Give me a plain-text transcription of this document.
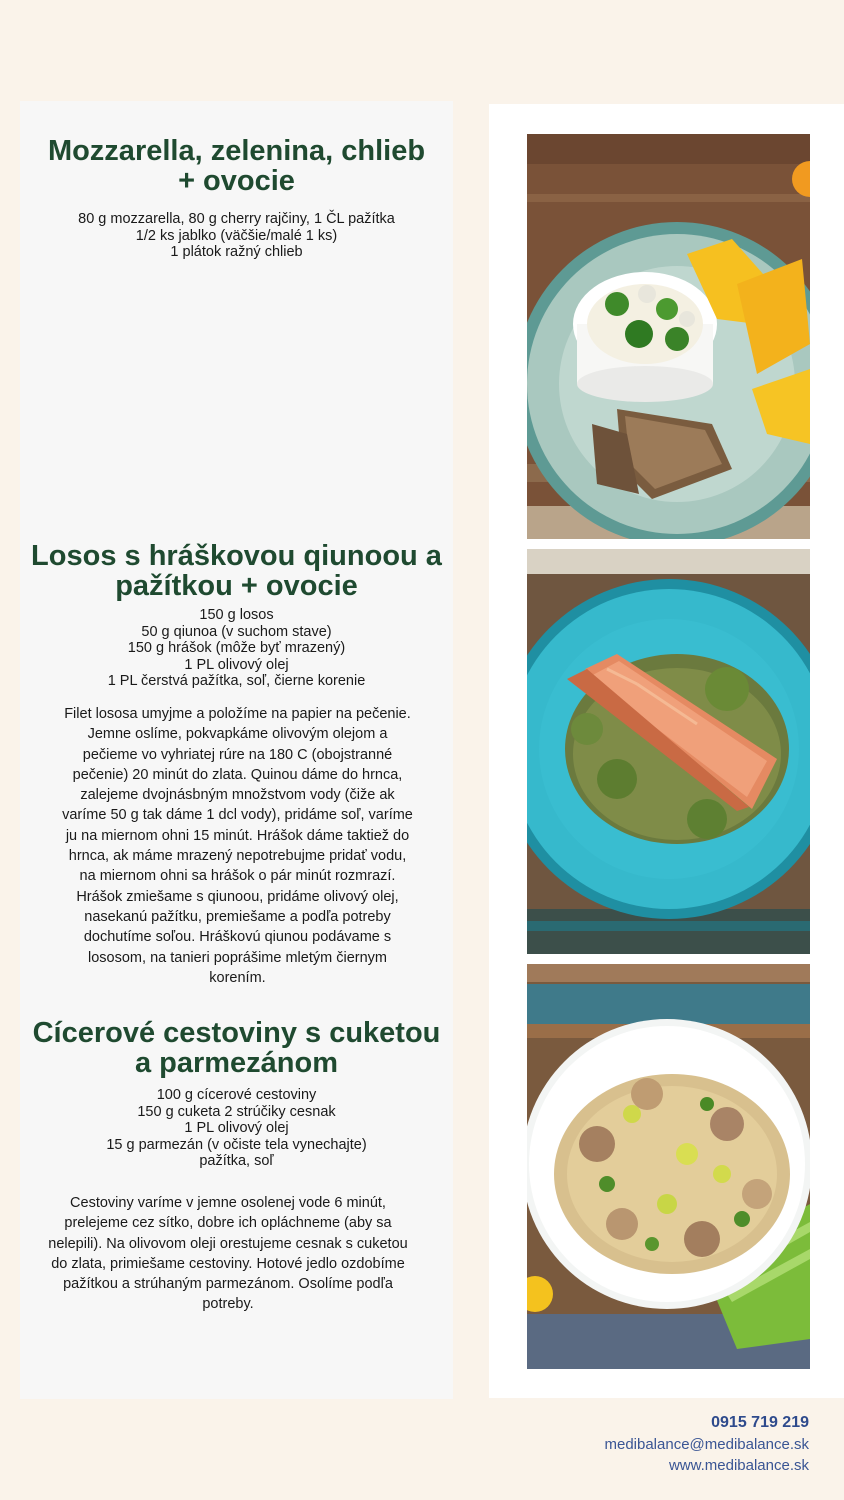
Mozzarella, zelenina, chlieb
+ ovocie
80 g mozzarella, 80 g cherry rajčiny, 1 ČL pažítka
1/2 ks jablko (väčšie/malé 1 ks)
1 plátok ražný chlieb
Losos s hráškovou qiunoou a
pažítkou + ovocie
150 g losos
50 g qiunoa (v suchom stave)
150 g hrášok (môže byť mrazený)
1 PL olivový olej
1 PL čerstvá pažítka, soľ, čierne korenie
Filet lososa umyjme a položíme na papier na pečenie.
Jemne oslíme, pokvapkáme olivovým olejom a
pečieme vo vyhriatej rúre na 180 C (obojstranné
pečenie) 20 minút do zlata. Quinou dáme do hrnca,
zalejeme dvojnásbným množstvom vody (čiže ak
varíme 50 g tak dáme 1 dcl vody), pridáme soľ, varíme
ju na miernom ohni 15 minút. Hrášok dáme taktiež do
hrnca, ak máme mrazený nepotrebujme pridať vodu,
na miernom ohni sa hrášok o pár minút rozmrazí.
Hrášok zmiešame s qiunoou, pridáme olivový olej,
nasekanú pažítku, premiešame a podľa potreby
dochutíme soľou. Hráškovú qiunou podávame s
lososom, na tanieri poprášime mletým čiernym
korením.
Cícerové cestoviny s cuketou
a parmezánom
100 g cícerové cestoviny
150 g cuketa 2 strúčiky cesnak
1 PL olivový olej
15 g parmezán (v očiste tela vynechajte)
pažítka, soľ
Cestoviny varíme v jemne osolenej vode 6 minút,
prelejeme cez sítko, dobre ich opláchneme (aby sa
nelepili). Na olivovom oleji orestujeme cesnak s cuketou
do zlata, primiešame cestoviny. Hotové jedlo ozdobíme
pažítkou a strúhaným parmezánom. Osolíme podľa
potreby.
0915 719 219
medibalance@medibalance.sk
www.medibalance.sk
